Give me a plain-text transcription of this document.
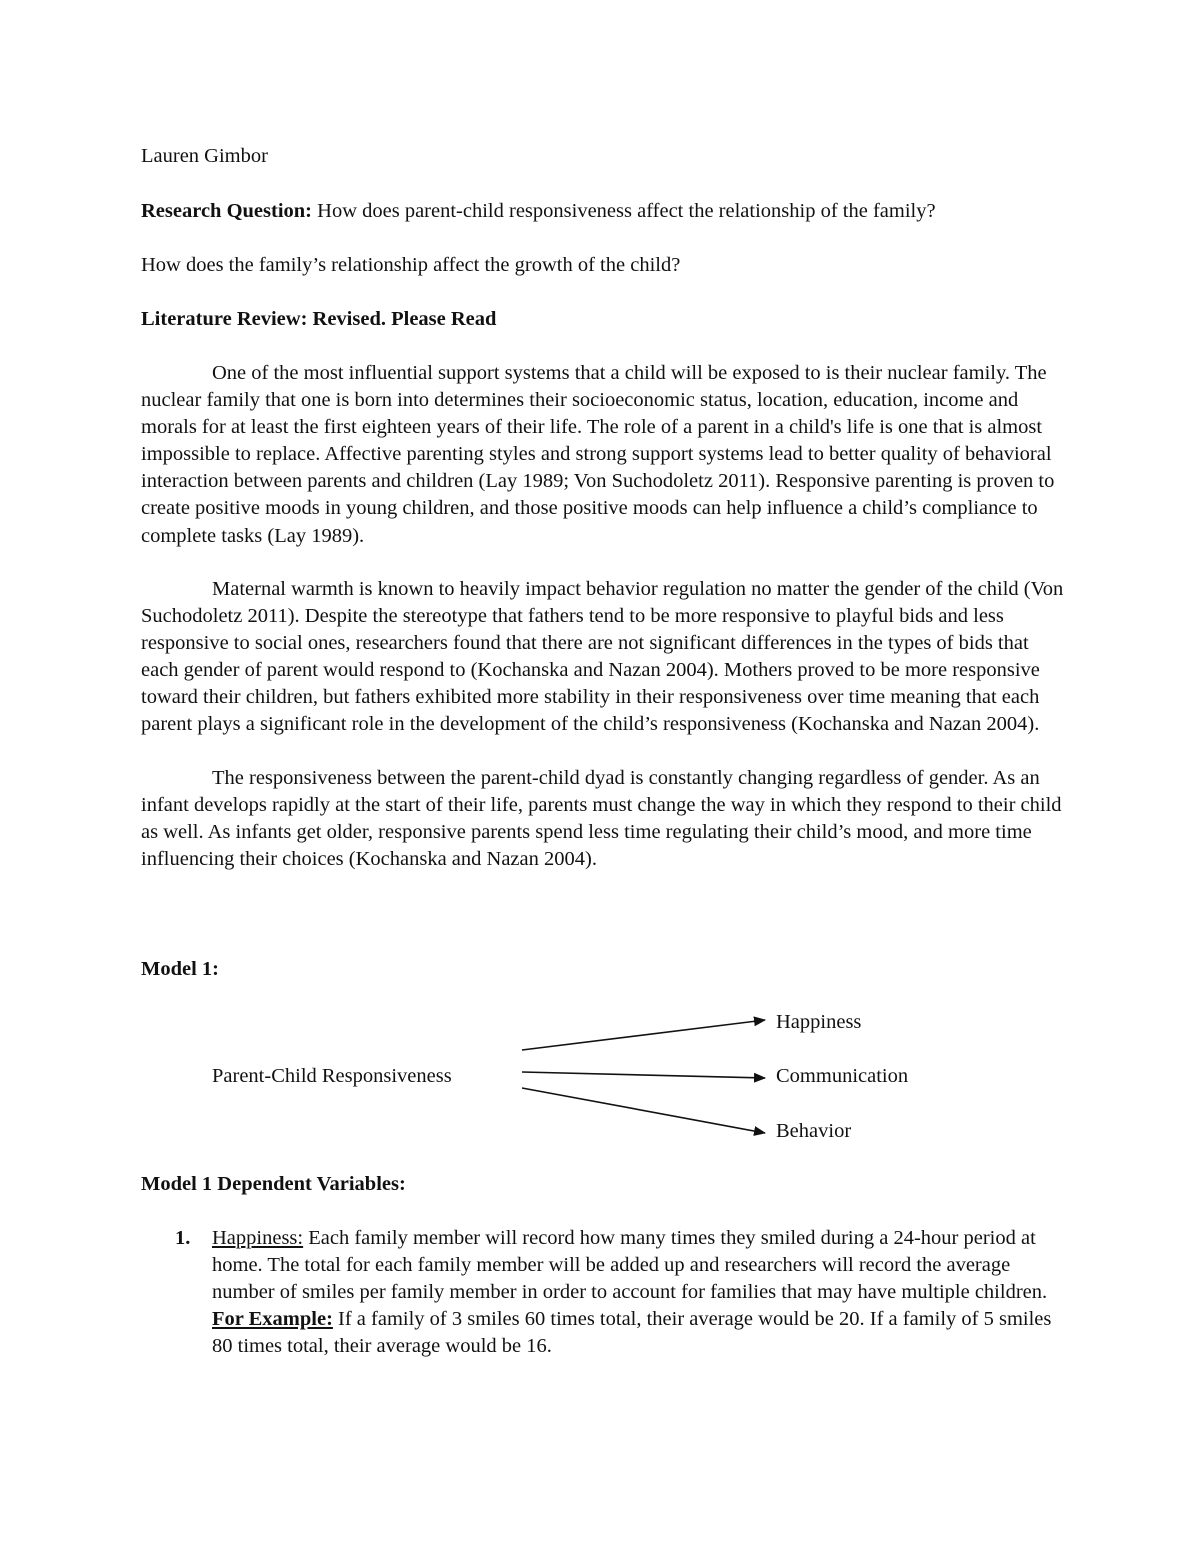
Lauren Gimbor
Research Question: How does parent-child responsiveness affect the relationship of the family?
How does the family’s relationship affect the growth of the child?
Literature Review: Revised. Please Read

One of the most influential support systems that a child will be exposed to is their nuclear family. The nuclear family that one is born into determines their socioeconomic status, location, education, income and morals for at least the first eighteen years of their life. The role of a parent in a child's life is one that is almost impossible to replace. Affective parenting styles and strong support systems lead to better quality of behavioral interaction between parents and children (Lay 1989; Von Suchodoletz 2011). Responsive parenting is proven to create positive moods in young children, and those positive moods can help influence a child’s compliance to complete tasks (Lay 1989).

Maternal warmth is known to heavily impact behavior regulation no matter the gender of the child (Von Suchodoletz 2011). Despite the stereotype that fathers tend to be more responsive to playful bids and less responsive to social ones, researchers found that there are not significant differences in the types of bids that each gender of parent would respond to (Kochanska and Nazan 2004). Mothers proved to be more responsive toward their children, but fathers exhibited more stability in their responsiveness over time meaning that each parent plays a significant role in the development of the child’s responsiveness (Kochanska and Nazan 2004).

The responsiveness between the parent-child dyad is constantly changing regardless of gender. As an infant develops rapidly at the start of their life, parents must change the way in which they respond to their child as well. As infants get older, responsive parents spend less time regulating their child’s mood, and more time influencing their choices (Kochanska and Nazan 2004).

Model 1:
Parent-Child Responsiveness
Happiness
Communication
Behavior
Model 1 Dependent Variables:
1. Happiness: Each family member will record how many times they smiled during a 24-hour period at home. The total for each family member will be added up and researchers will record the average number of smiles per family member in order to account for families that may have multiple children.
For Example: If a family of 3 smiles 60 times total, their average would be 20. If a family of 5 smiles 80 times total, their average would be 16.
